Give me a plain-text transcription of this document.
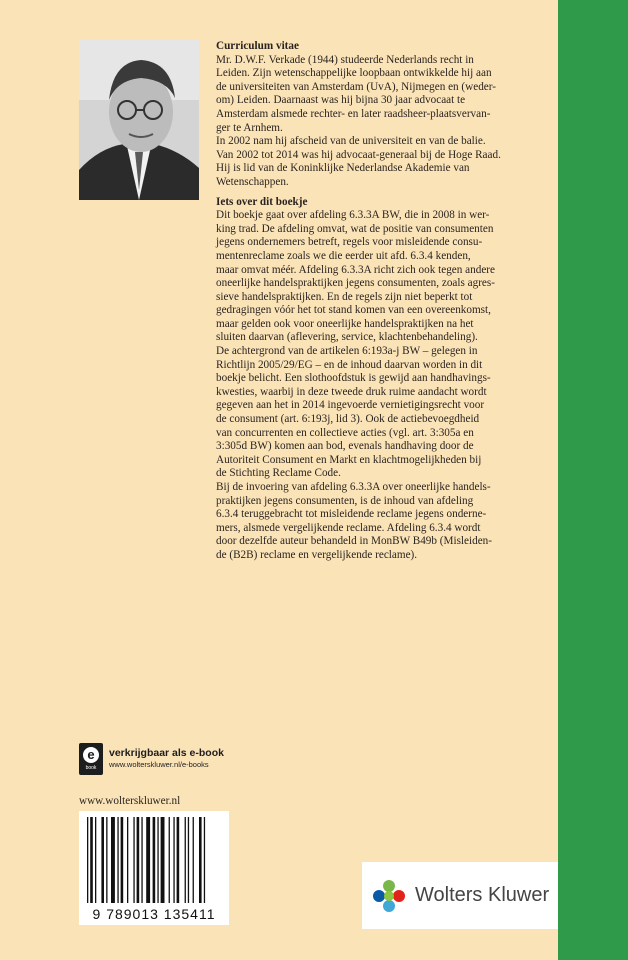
Curriculum vitae

Mr. D.W.F. Verkade (1944) studeerde Nederlands recht in

Leiden. Zijn wetenschappelijke loopbaan ontwikkelde hij aan

de universiteiten van Amsterdam (UvA), Nijmegen en (weder-

om) Leiden. Daarnaast was hij bijna 30 jaar advocaat te

Amsterdam alsmede rechter- en later raadsheer-plaatsvervan-

ger te Arnhem.

In 2002 nam hij afscheid van de universiteit en van de balie.

Van 2002 tot 2014 was hij advocaat-generaal bij de Hoge Raad.

Hij is lid van de Koninklijke Nederlandse Akademie van

Wetenschappen.

Iets over dit boekje

Dit boekje gaat over afdeling 6.3.3A BW, die in 2008 in wer-

king trad. De afdeling omvat, wat de positie van consumenten

jegens ondernemers betreft, regels voor misleidende consu-

mentenreclame zoals we die eerder uit afd. 6.3.4 kenden,

maar omvat méér. Afdeling 6.3.3A richt zich ook tegen andere

oneerlijke handelspraktijken jegens consumenten, zoals agres-

sieve handelspraktijken. En de regels zijn niet beperkt tot

gedragingen vóór het tot stand komen van een overeenkomst,

maar gelden ook voor oneerlijke handelspraktijken na het

sluiten daarvan (aflevering, service, klachtenbehandeling).

De achtergrond van de artikelen 6:193a-j BW – gelegen in

Richtlijn 2005/29/EG – en de inhoud daarvan worden in dit

boekje belicht. Een slothoofdstuk is gewijd aan handhavings-

kwesties, waarbij in deze tweede druk ruime aandacht wordt

gegeven aan het in 2014 ingevoerde vernietigingsrecht voor

de consument (art. 6:193j, lid 3). Ook de actiebevoegdheid

van concurrenten en collectieve acties (vgl. art. 3:305a en

3:305d BW) komen aan bod, evenals handhaving door de

Autoriteit Consument en Markt en klachtmogelijkheden bij

de Stichting Reclame Code.

Bij de invoering van afdeling 6.3.3A over oneerlijke handels-

praktijken jegens consumenten, is de inhoud van afdeling

6.3.4 teruggebracht tot misleidende reclame jegens onderne-

mers, alsmede vergelijkende reclame. Afdeling 6.3.4 wordt

door dezelfde auteur behandeld in MonBW B49b (Misleiden-

de (B2B) reclame en vergelijkende reclame).

e
book
verkrijgbaar als e-book
www.wolterskluwer.nl/e-books
www.wolterskluwer.nl
9 789013 135411
Wolters Kluwer
